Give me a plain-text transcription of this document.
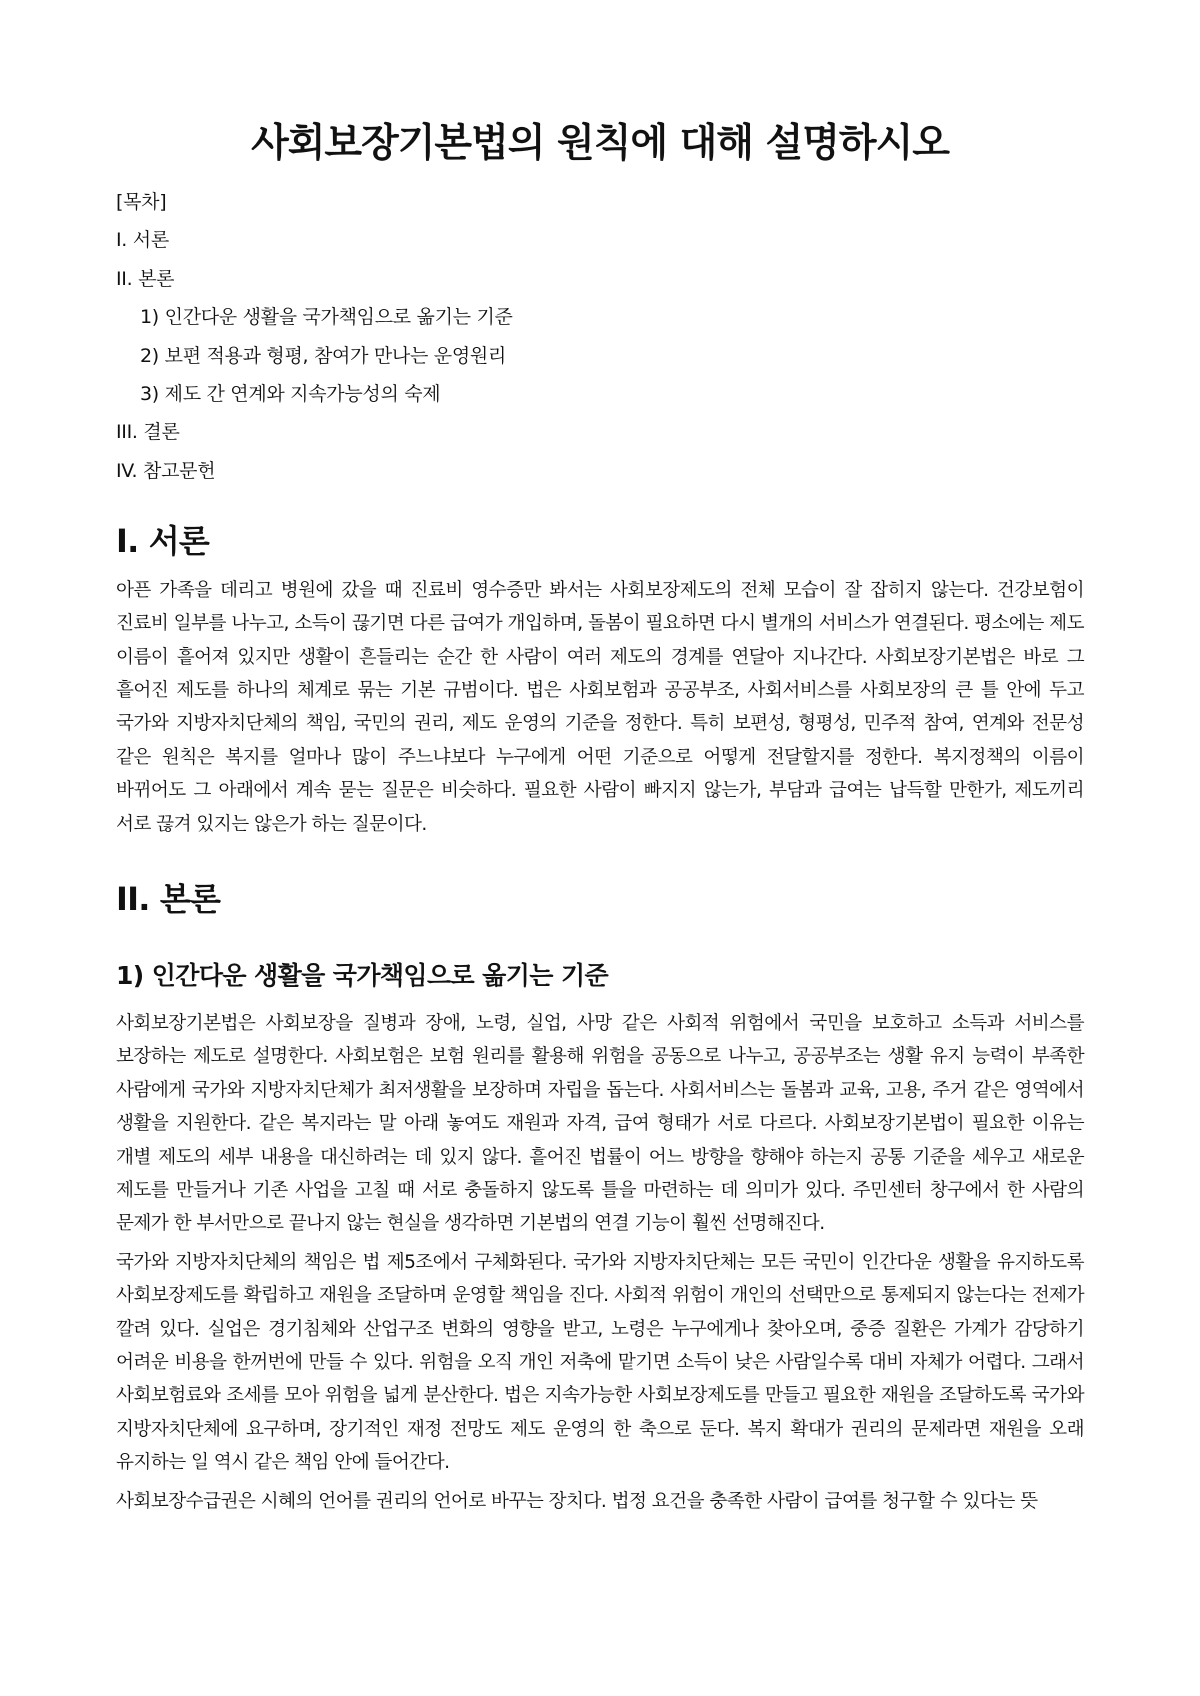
사회보장기본법의 원칙에 대해 설명하시오
[목차]
I. 서론
II. 본론
1) 인간다운 생활을 국가책임으로 옮기는 기준
2) 보편 적용과 형평, 참여가 만나는 운영원리
3) 제도 간 연계와 지속가능성의 숙제
III. 결론
IV. 참고문헌
I. 서론

아픈 가족을 데리고 병원에 갔을 때 진료비 영수증만 봐서는 사회보장제도의 전체 모습이 잘 잡히지 않는다. 건강보험이 진료비 일부를 나누고, 소득이 끊기면 다른 급여가 개입하며, 돌봄이 필요하면 다시 별개의 서비스가 연결된다. 평소에는 제도 이름이 흩어져 있지만 생활이 흔들리는 순간 한 사람이 여러 제도의 경계를 연달아 지나간다. 사회보장기본법은 바로 그 흩어진 제도를 하나의 체계로 묶는 기본 규범이다. 법은 사회보험과 공공부조, 사회서비스를 사회보장의 큰 틀 안에 두고 국가와 지방자치단체의 책임, 국민의 권리, 제도 운영의 기준을 정한다. 특히 보편성, 형평성, 민주적 참여, 연계와 전문성 같은 원칙은 복지를 얼마나 많이 주느냐보다 누구에게 어떤 기준으로 어떻게 전달할지를 정한다. 복지정책의 이름이 바뀌어도 그 아래에서 계속 묻는 질문은 비슷하다. 필요한 사람이 빠지지 않는가, 부담과 급여는 납득할 만한가, 제도끼리 서로 끊겨 있지는 않은가 하는 질문이다.

II. 본론
1) 인간다운 생활을 국가책임으로 옮기는 기준

사회보장기본법은 사회보장을 질병과 장애, 노령, 실업, 사망 같은 사회적 위험에서 국민을 보호하고 소득과 서비스를 보장하는 제도로 설명한다. 사회보험은 보험 원리를 활용해 위험을 공동으로 나누고, 공공부조는 생활 유지 능력이 부족한 사람에게 국가와 지방자치단체가 최저생활을 보장하며 자립을 돕는다. 사회서비스는 돌봄과 교육, 고용, 주거 같은 영역에서 생활을 지원한다. 같은 복지라는 말 아래 놓여도 재원과 자격, 급여 형태가 서로 다르다. 사회보장기본법이 필요한 이유는 개별 제도의 세부 내용을 대신하려는 데 있지 않다. 흩어진 법률이 어느 방향을 향해야 하는지 공통 기준을 세우고 새로운 제도를 만들거나 기존 사업을 고칠 때 서로 충돌하지 않도록 틀을 마련하는 데 의미가 있다. 주민센터 창구에서 한 사람의 문제가 한 부서만으로 끝나지 않는 현실을 생각하면 기본법의 연결 기능이 훨씬 선명해진다.

국가와 지방자치단체의 책임은 법 제5조에서 구체화된다. 국가와 지방자치단체는 모든 국민이 인간다운 생활을 유지하도록 사회보장제도를 확립하고 재원을 조달하며 운영할 책임을 진다. 사회적 위험이 개인의 선택만으로 통제되지 않는다는 전제가 깔려 있다. 실업은 경기침체와 산업구조 변화의 영향을 받고, 노령은 누구에게나 찾아오며, 중증 질환은 가계가 감당하기 어려운 비용을 한꺼번에 만들 수 있다. 위험을 오직 개인 저축에 맡기면 소득이 낮은 사람일수록 대비 자체가 어렵다. 그래서 사회보험료와 조세를 모아 위험을 넓게 분산한다. 법은 지속가능한 사회보장제도를 만들고 필요한 재원을 조달하도록 국가와 지방자치단체에 요구하며, 장기적인 재정 전망도 제도 운영의 한 축으로 둔다. 복지 확대가 권리의 문제라면 재원을 오래 유지하는 일 역시 같은 책임 안에 들어간다.

사회보장수급권은 시혜의 언어를 권리의 언어로 바꾸는 장치다. 법정 요건을 충족한 사람이 급여를 청구할 수 있다는 뜻
